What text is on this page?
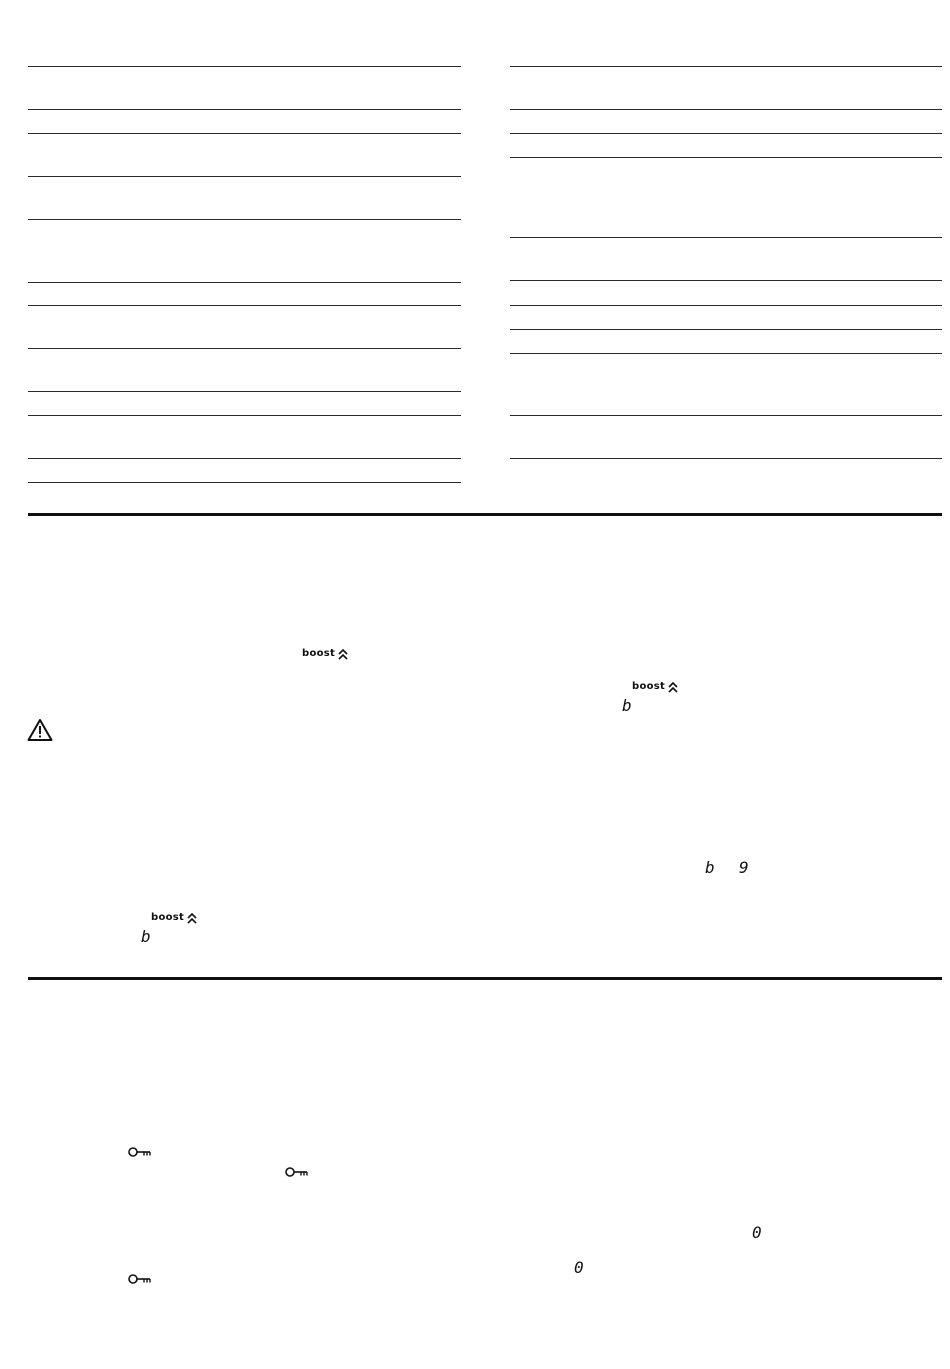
boost
boost
b
boost
b
b 9
0
0
